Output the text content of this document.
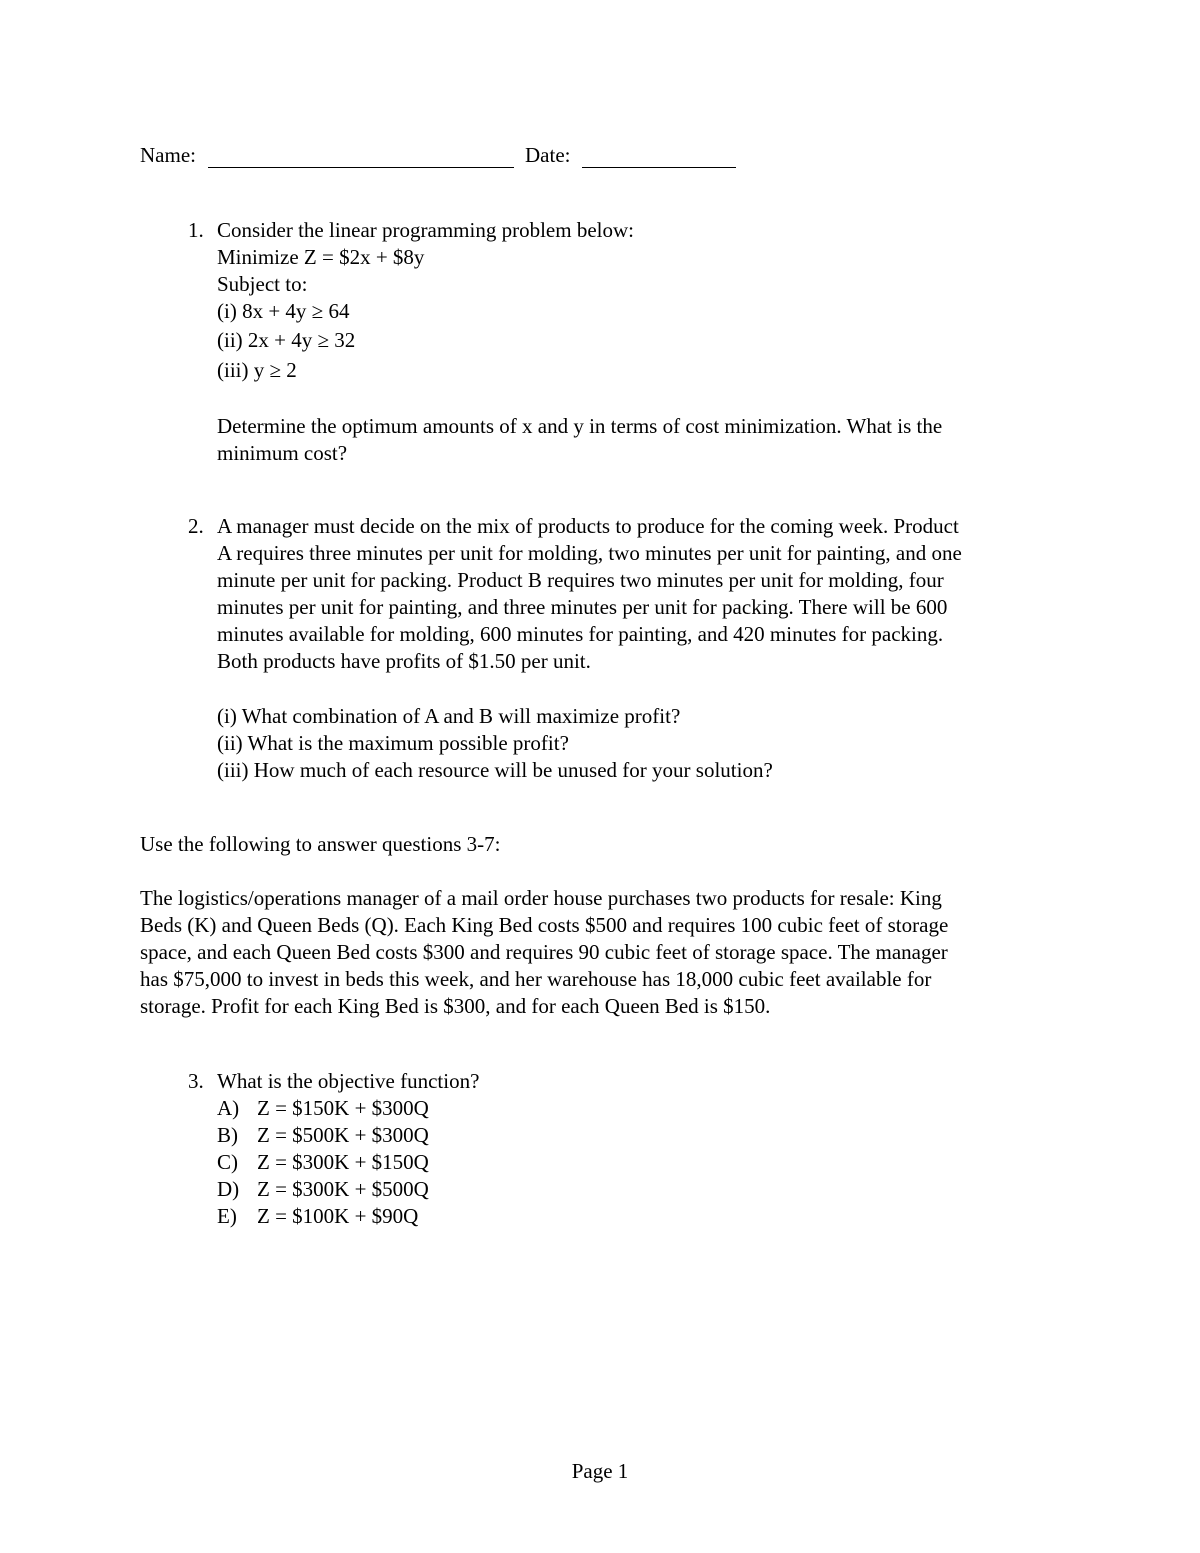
Name:	Date:
1. Consider the linear programming problem below:
Minimize Z = $2x + $8y
Subject to:
(i) 8x + 4y ≥ 64
(ii) 2x + 4y ≥ 32
(iii) y ≥ 2
Determine the optimum amounts of x and y in terms of cost minimization. What is the
minimum cost?
2. A manager must decide on the mix of products to produce for the coming week. Product
A requires three minutes per unit for molding, two minutes per unit for painting, and one
minute per unit for packing. Product B requires two minutes per unit for molding, four
minutes per unit for painting, and three minutes per unit for packing. There will be 600
minutes available for molding, 600 minutes for painting, and 420 minutes for packing.
Both products have profits of $1.50 per unit.
(i) What combination of A and B will maximize profit?
(ii) What is the maximum possible profit?
(iii) How much of each resource will be unused for your solution?
Use the following to answer questions 3-7:
The logistics/operations manager of a mail order house purchases two products for resale: King
Beds (K) and Queen Beds (Q). Each King Bed costs $500 and requires 100 cubic feet of storage
space, and each Queen Bed costs $300 and requires 90 cubic feet of storage space. The manager
has $75,000 to invest in beds this week, and her warehouse has 18,000 cubic feet available for
storage. Profit for each King Bed is $300, and for each Queen Bed is $150.
3. What is the objective function?
A) Z = $150K + $300Q
B) Z = $500K + $300Q
C) Z = $300K + $150Q
D) Z = $300K + $500Q
E) Z = $100K + $90Q
Page 1
